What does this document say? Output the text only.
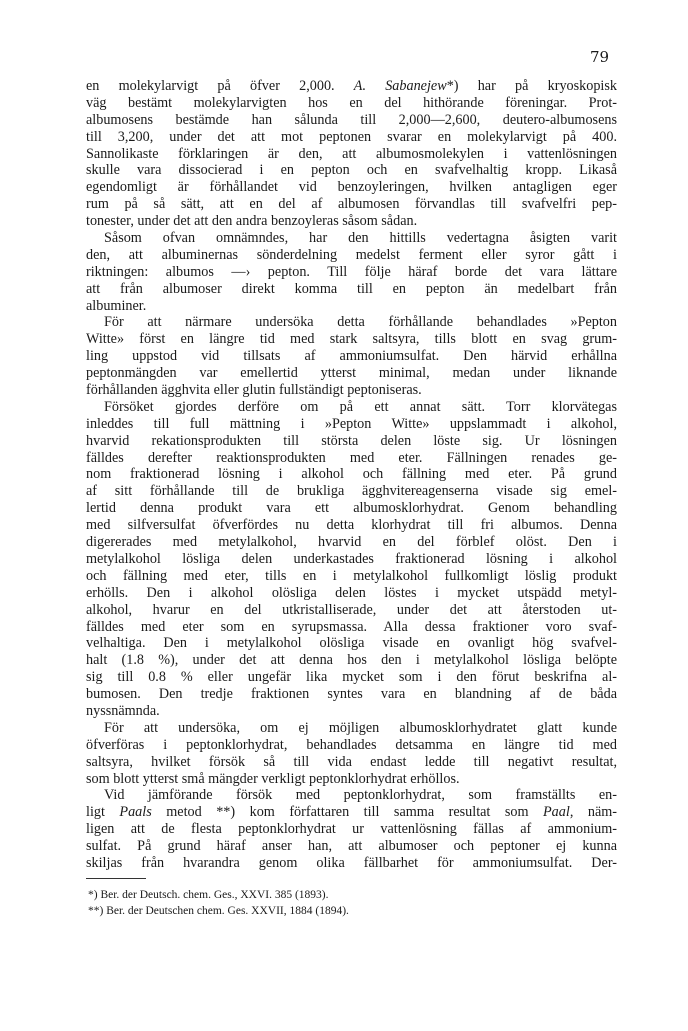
79
en molekylarvigt på öfver 2,000. A. Sabanejew*) har på kryoskopisk
väg bestämt molekylarvigten hos en del hithörande föreningar. Prot-
albumosens bestämde han sålunda till 2,000—2,600, deutero-albumosens
till 3,200, under det att mot peptonen svarar en molekylarvigt på 400.
Sannolikaste förklaringen är den, att albumosmolekylen i vattenlösningen
skulle vara dissocierad i en pepton och en svafvelhaltig kropp. Likaså
egendomligt är förhållandet vid benzoyleringen, hvilken antagligen eger
rum på så sätt, att en del af albumosen förvandlas till svafvelfri pep-
tonester, under det att den andra benzoyleras såsom sådan.
Såsom ofvan omnämndes, har den hittills vedertagna åsigten varit
den, att albuminernas sönderdelning medelst ferment eller syror gått i
riktningen: albumos —› pepton. Till följe häraf borde det vara lättare
att från albumoser direkt komma till en pepton än medelbart från
albuminer.
För att närmare undersöka detta förhållande behandlades »Pepton
Witte» först en längre tid med stark saltsyra, tills blott en svag grum-
ling uppstod vid tillsats af ammoniumsulfat. Den härvid erhållna
peptonmängden var emellertid ytterst minimal, medan under liknande
förhållanden ägghvita eller glutin fullständigt peptoniseras.
Försöket gjordes derföre om på ett annat sätt. Torr klorvätegas
inleddes till full mättning i »Pepton Witte» uppslammadt i alkohol,
hvarvid rekationsprodukten till största delen löste sig. Ur lösningen
fälldes derefter reaktionsprodukten med eter. Fällningen renades ge-
nom fraktionerad lösning i alkohol och fällning med eter. På grund
af sitt förhållande till de brukliga ägghvitereagenserna visade sig emel-
lertid denna produkt vara ett albumosklorhydrat. Genom behandling
med silfversulfat öfverfördes nu detta klorhydrat till fri albumos. Denna
digererades med metylalkohol, hvarvid en del förblef olöst. Den i
metylalkohol lösliga delen underkastades fraktionerad lösning i alkohol
och fällning med eter, tills en i metylalkohol fullkomligt löslig produkt
erhölls. Den i alkohol olösliga delen löstes i mycket utspädd metyl-
alkohol, hvarur en del utkristalliserade, under det att återstoden ut-
fälldes med eter som en syrupsmassa. Alla dessa fraktioner voro svaf-
velhaltiga. Den i metylalkohol olösliga visade en ovanligt hög svafvel-
halt (1.8 %), under det att denna hos den i metylalkohol lösliga belöpte
sig till 0.8 % eller ungefär lika mycket som i den förut beskrifna al-
bumosen. Den tredje fraktionen syntes vara en blandning af de båda
nyssnämnda.
För att undersöka, om ej möjligen albumosklorhydratet glatt kunde
öfverföras i peptonklorhydrat, behandlades detsamma en längre tid med
saltsyra, hvilket försök så till vida endast ledde till negativt resultat,
som blott ytterst små mängder verkligt peptonklorhydrat erhöllos.
Vid jämförande försök med peptonklorhydrat, som framställts en-
ligt Paals metod **) kom författaren till samma resultat som Paal, näm-
ligen att de flesta peptonklorhydrat ur vattenlösning fällas af ammonium-
sulfat. På grund häraf anser han, att albumoser och peptoner ej kunna
skiljas från hvarandra genom olika fällbarhet för ammoniumsulfat. Der-
*) Ber. der Deutsch. chem. Ges., XXVI. 385 (1893).
**) Ber. der Deutschen chem. Ges. XXVII, 1884 (1894).
